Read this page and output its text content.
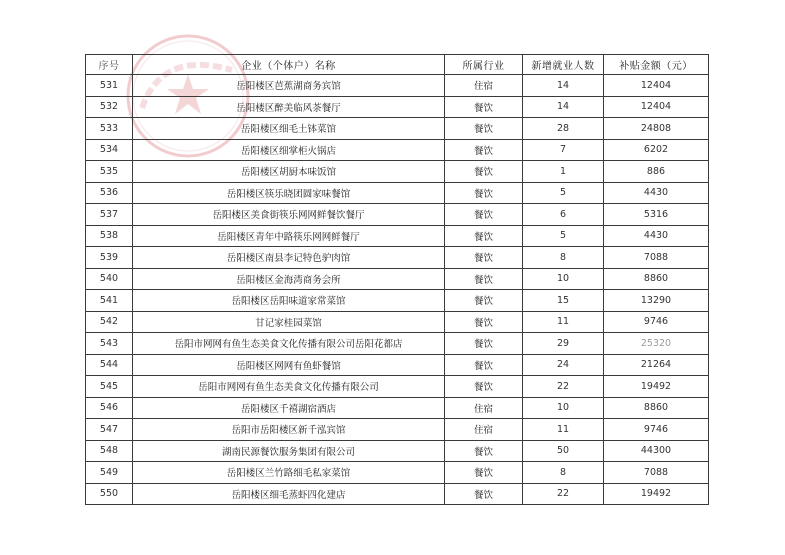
序号	企业（个体户）名称	所属行业	新增就业人数	补贴金额（元）
531	岳阳楼区芭蕉湖商务宾馆	住宿	14	12404
532	岳阳楼区醉美临风茶餐厅	餐饮	14	12404
533	岳阳楼区细毛土钵菜馆	餐饮	28	24808
534	岳阳楼区细掌柜火锅店	餐饮	7	6202
535	岳阳楼区胡厨本味饭馆	餐饮	1	886
536	岳阳楼区筷乐晓团圆家味餐馆	餐饮	5	4430
537	岳阳楼区美食街筷乐网网鲜餐饮餐厅	餐饮	6	5316
538	岳阳楼区青年中路筷乐网网鲜餐厅	餐饮	5	4430
539	岳阳楼区南县李记特色驴肉馆	餐饮	8	7088
540	岳阳楼区金海湾商务会所	餐饮	10	8860
541	岳阳楼区岳阳味道家常菜馆	餐饮	15	13290
542	甘记家桂园菜馆	餐饮	11	9746
543	岳阳市网网有鱼生态美食文化传播有限公司岳阳花都店	餐饮	29	25320
544	岳阳楼区网网有鱼虾餐馆	餐饮	24	21264
545	岳阳市网网有鱼生态美食文化传播有限公司	餐饮	22	19492
546	岳阳楼区千禧湖宿酒店	住宿	10	8860
547	岳阳市岳阳楼区新千泓宾馆	住宿	11	9746
548	湖南民源餐饮服务集团有限公司	餐饮	50	44300
549	岳阳楼区兰竹路细毛私家菜馆	餐饮	8	7088
550	岳阳楼区细毛蒸虾四化建店	餐饮	22	19492
